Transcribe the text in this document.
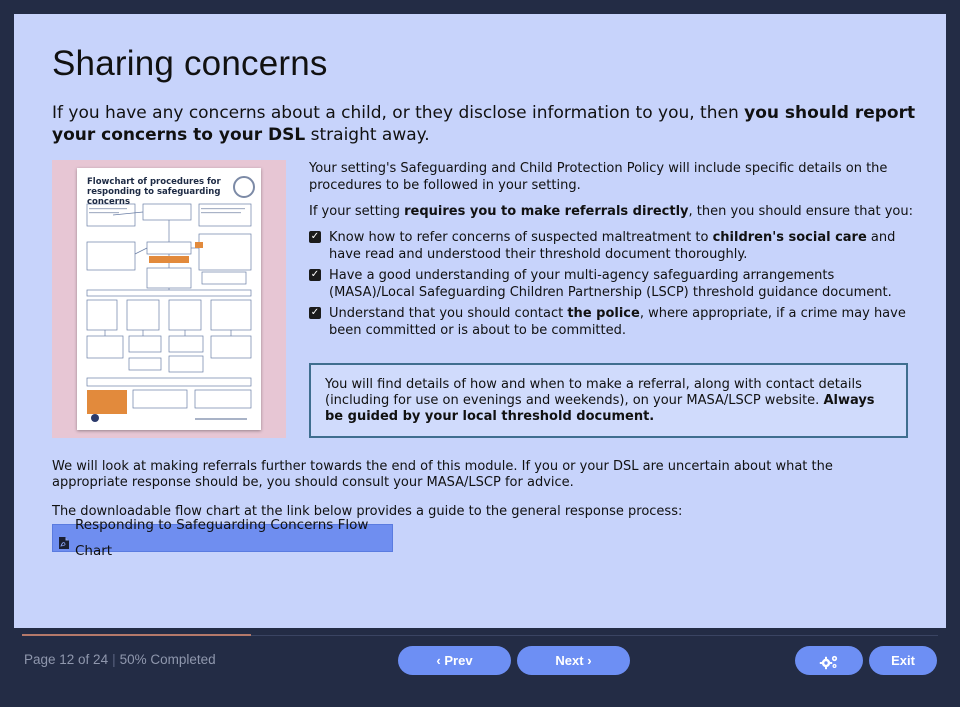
Sharing concerns

If you have any concerns about a child, or they disclose information to you, then you should report your concerns to your DSL straight away.

Flowchart of procedures for responding to safeguarding concerns

Your setting's Safeguarding and Child Protection Policy will include specific details on the procedures to be followed in your setting.

If your setting requires you to make referrals directly, then you should ensure that you:

✓ Know how to refer concerns of suspected maltreatment to children's social care and have read and understood their threshold document thoroughly.
✓ Have a good understanding of your multi-agency safeguarding arrangements (MASA)/Local Safeguarding Children Partnership (LSCP) threshold guidance document.
✓ Understand that you should contact the police, where appropriate, if a crime may have been committed or is about to be committed.
You will find details of how and when to make a referral, along with contact details (including for use on evenings and weekends), on your MASA/LSCP website. Always be guided by your local threshold document.

We will look at making referrals further towards the end of this module. If you or your DSL are uncertain about what the appropriate response should be, you should consult your MASA/LSCP for advice.

The downloadable flow chart at the link below provides a guide to the general response process:

Responding to Safeguarding Concerns Flow Chart
Page 12 of 24 | 50% Completed	‹ Prev	Next ›	Exit
